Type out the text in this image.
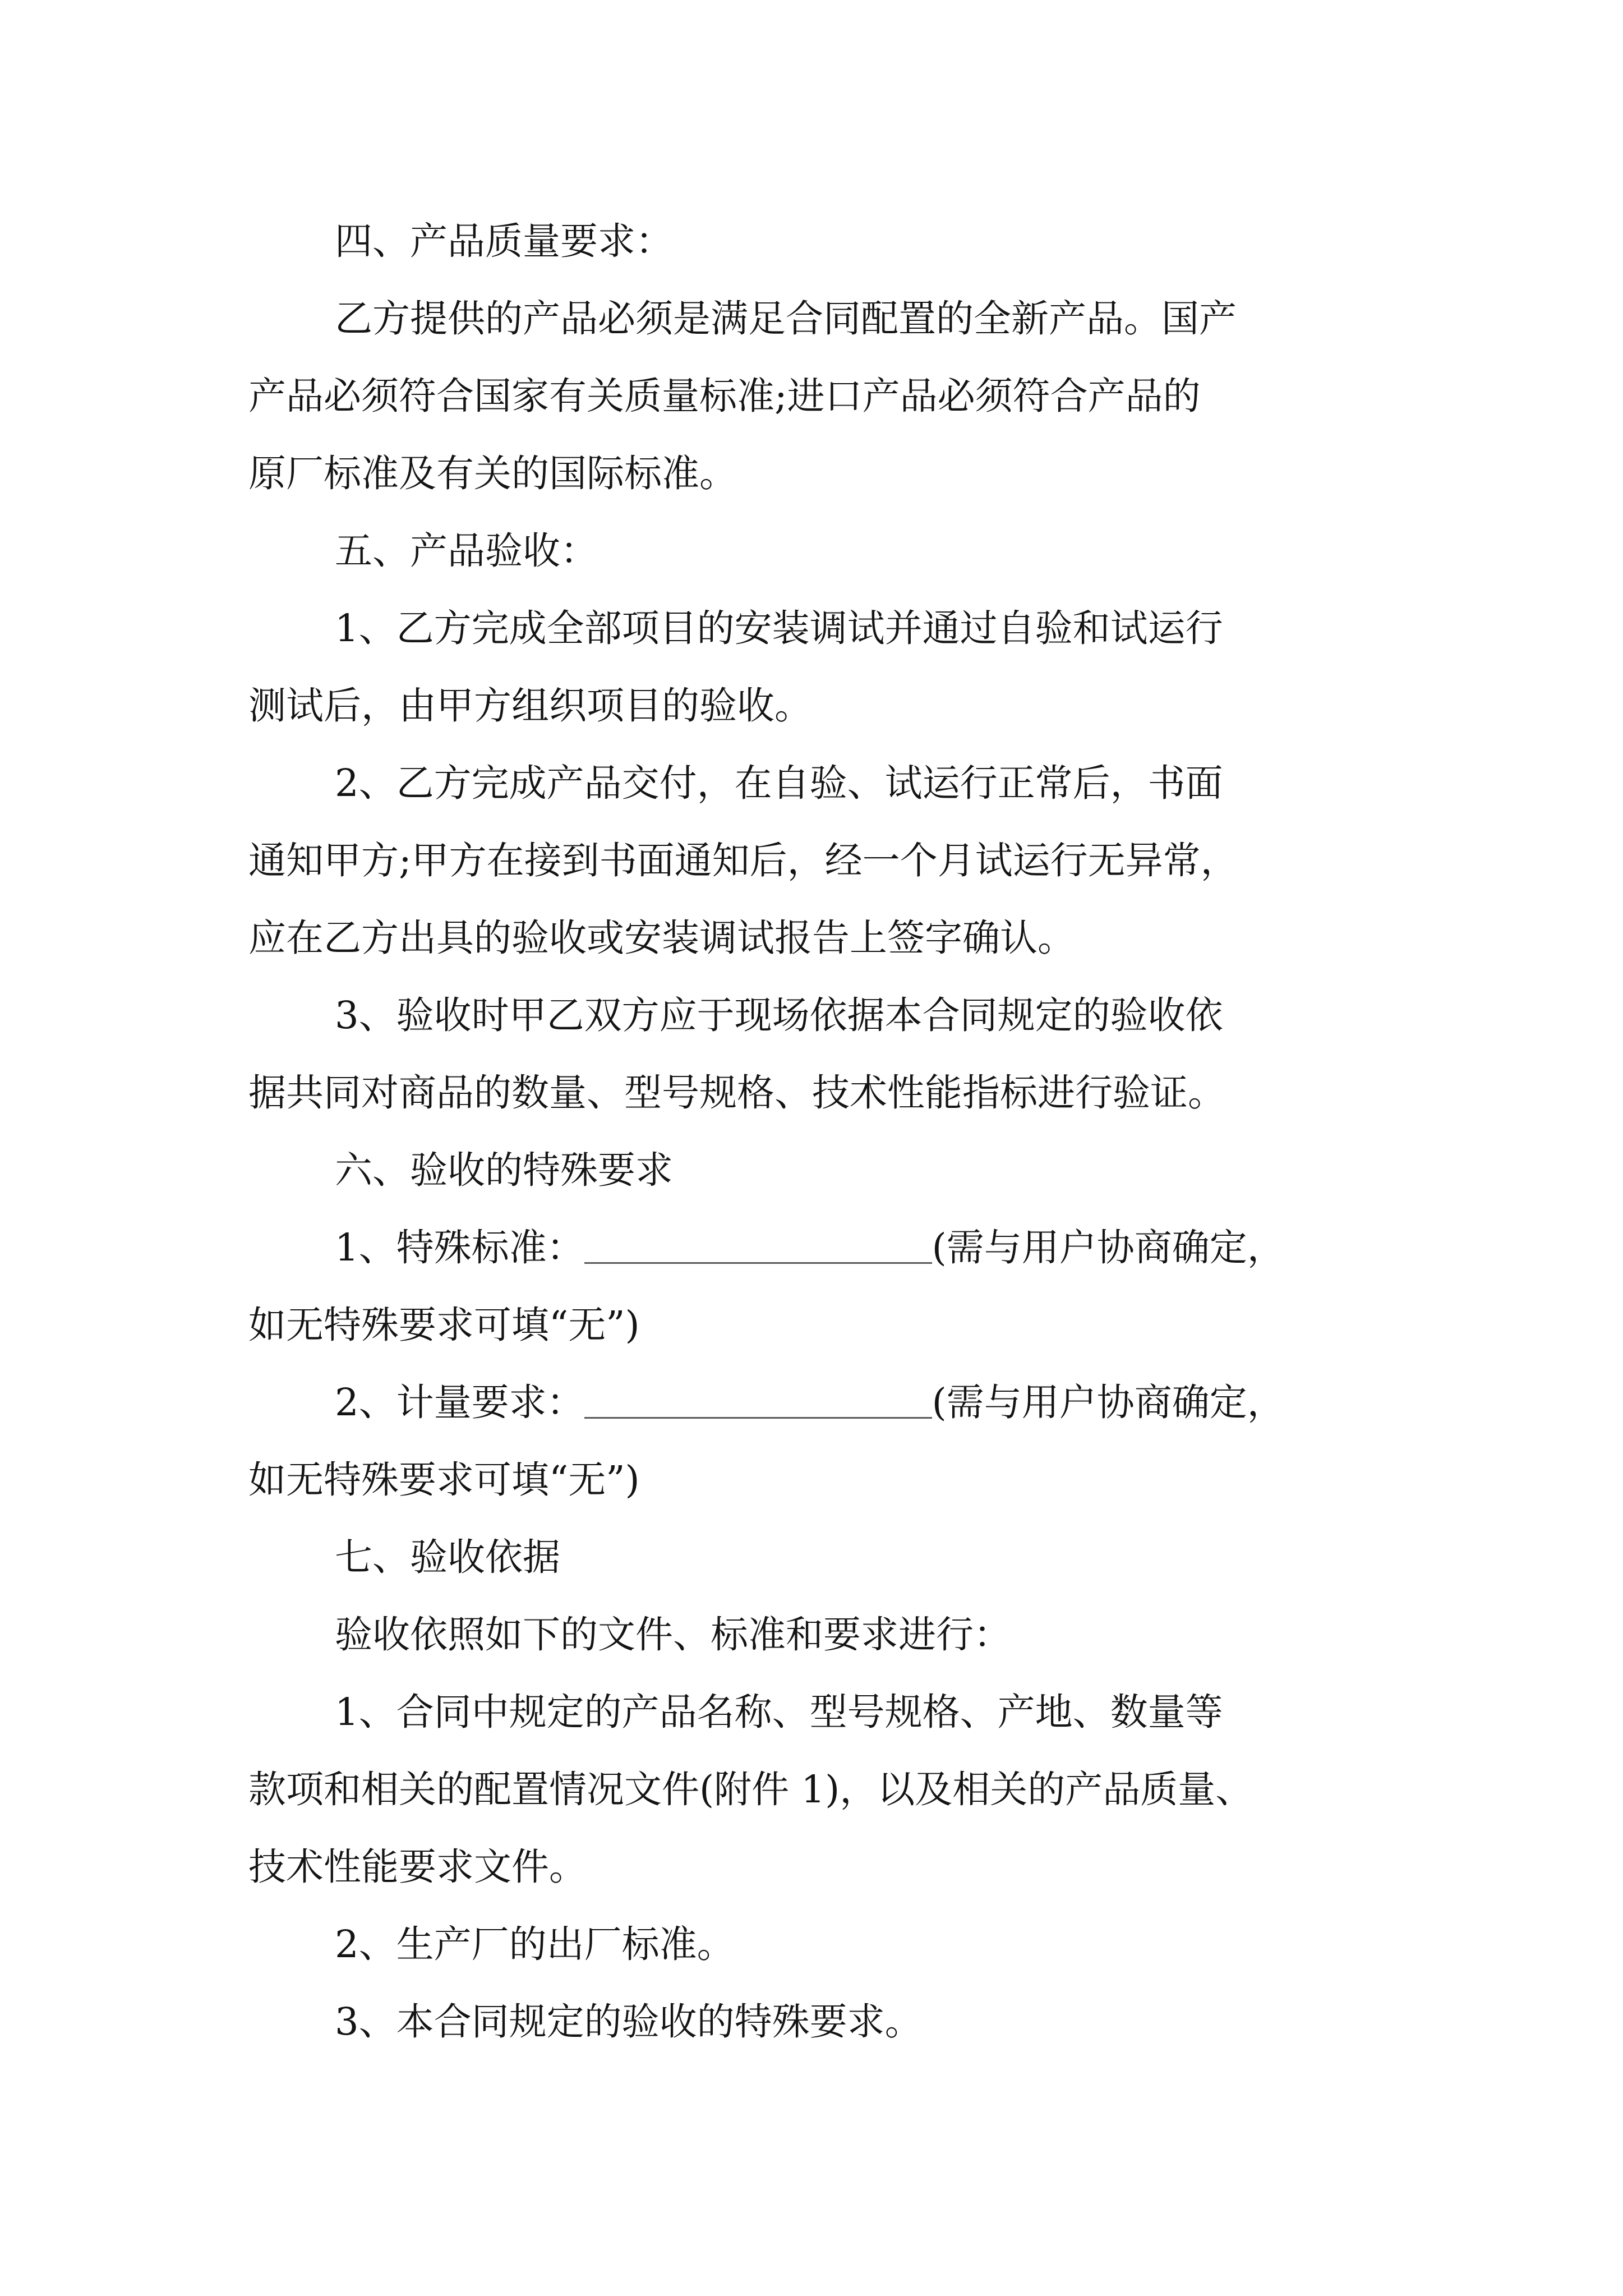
四、产品质量要求：

乙方提供的产品必须是满足合同配置的全新产品。国产

产品必须符合国家有关质量标准;进口产品必须符合产品的

原厂标准及有关的国际标准。

五、产品验收：

1、乙方完成全部项目的安装调试并通过自验和试运行

测试后，由甲方组织项目的验收。

2、乙方完成产品交付，在自验、试运行正常后，书面

通知甲方;甲方在接到书面通知后，经一个月试运行无异常，

应在乙方出具的验收或安装调试报告上签字确认。

3、验收时甲乙双方应于现场依据本合同规定的验收依

据共同对商品的数量、型号规格、技术性能指标进行验证。

六、验收的特殊要求

1、特殊标准：	(需与用户协商确定，

如无特殊要求可填“无”)

2、计量要求：	(需与用户协商确定，

如无特殊要求可填“无”)

七、验收依据

验收依照如下的文件、标准和要求进行：

1、合同中规定的产品名称、型号规格、产地、数量等

款项和相关的配置情况文件(附件 1)，以及相关的产品质量、

技术性能要求文件。

2、生产厂的出厂标准。

3、本合同规定的验收的特殊要求。
